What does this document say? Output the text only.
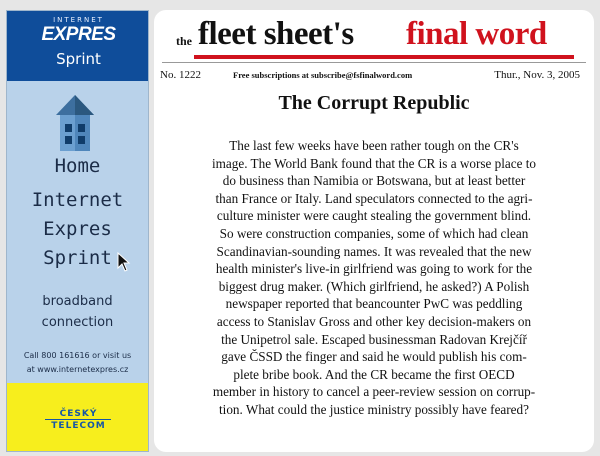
INTERNET
EXPRES
Sprint
Home
Internet
Expres
Sprint
broadband
connection
Call 800 161616 or visit us
at www.internetexpres.cz
ČESKÝ
TELECOM
the fleet sheet's final word
No. 1222	Free subscriptions at subscribe@fsfinalword.com	Thur., Nov. 3, 2005
The Corrupt Republic
The last few weeks have been rather tough on the CR's
image. The World Bank found that the CR is a worse place to
do business than Namibia or Botswana, but at least better
than France or Italy. Land speculators connected to the agri-
culture minister were caught stealing the government blind.
So were construction companies, some of which had clean
Scandinavian-sounding names. It was revealed that the new
health minister's live-in girlfriend was going to work for the
biggest drug maker. (Which girlfriend, he asked?) A Polish
newspaper reported that beancounter PwC was peddling
access to Stanislav Gross and other key decision-makers on
the Unipetrol sale. Escaped businessman Radovan Krejčíř
gave ČSSD the finger and said he would publish his com-
plete bribe book. And the CR became the first OECD
member in history to cancel a peer-review session on corrup-
tion. What could the justice ministry possibly have feared?
